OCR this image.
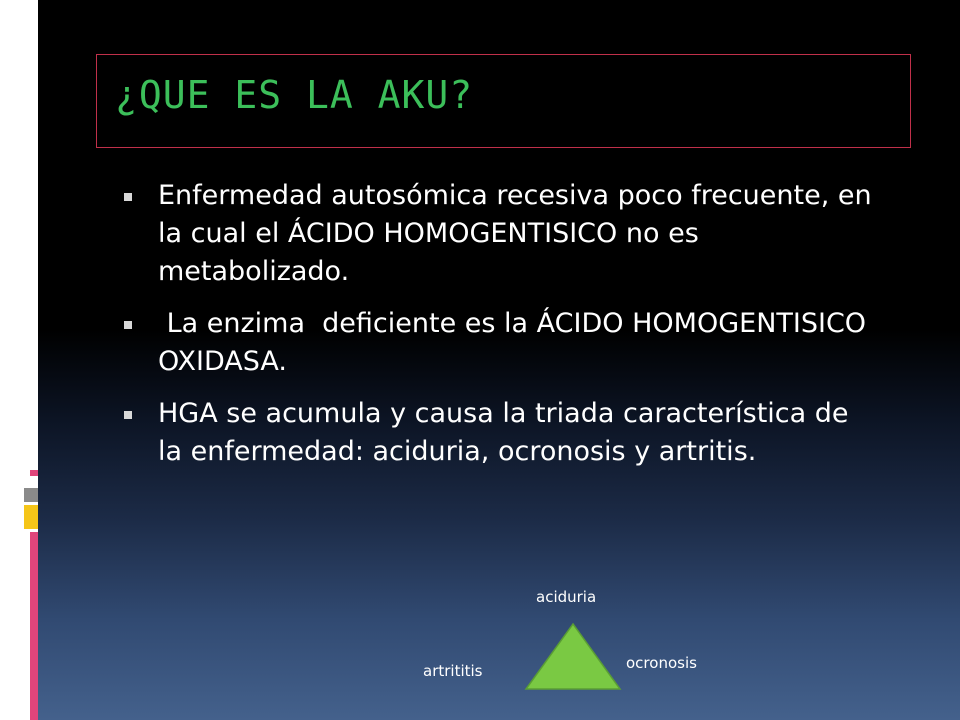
¿QUE ES LA AKU?
Enfermedad autosómica recesiva poco frecuente, en la cual el ÁCIDO HOMOGENTISICO no es metabolizado.
La enzima  deficiente es la ÁCIDO HOMOGENTISICO OXIDASA.
HGA se acumula y causa la triada característica de la enfermedad: aciduria, ocronosis y artritis.
aciduria
ocronosis
artrititis
